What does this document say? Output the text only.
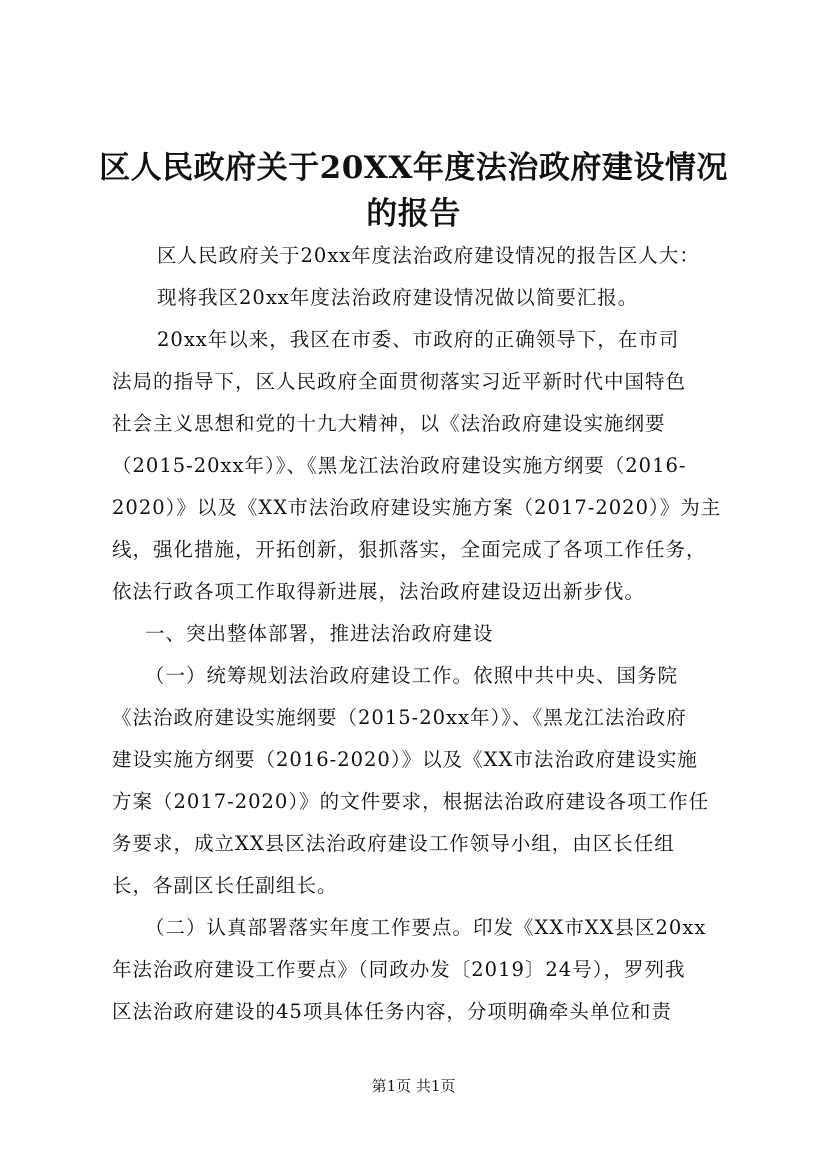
区人民政府关于20XX年度法治政府建设情况
的报告
区人民政府关于20xx年度法治政府建设情况的报告区人大：
现将我区20xx年度法治政府建设情况做以简要汇报。
20xx年以来，我区在市委、市政府的正确领导下，在市司
法局的指导下，区人民政府全面贯彻落实习近平新时代中国特色
社会主义思想和党的十九大精神，以《法治政府建设实施纲要
（2015-20xx年）》、《黑龙江法治政府建设实施方纲要（2016-
2020）》以及《XX市法治政府建设实施方案（2017-2020）》为主
线，强化措施，开拓创新，狠抓落实，全面完成了各项工作任务，
依法行政各项工作取得新进展，法治政府建设迈出新步伐。
一、突出整体部署，推进法治政府建设
（一）统筹规划法治政府建设工作。依照中共中央、国务院
《法治政府建设实施纲要（2015-20xx年）》、《黑龙江法治政府
建设实施方纲要（2016-2020）》以及《XX市法治政府建设实施
方案（2017-2020）》的文件要求，根据法治政府建设各项工作任
务要求，成立XX县区法治政府建设工作领导小组，由区长任组
长，各副区长任副组长。
（二）认真部署落实年度工作要点。印发《XX市XX县区20xx
年法治政府建设工作要点》（同政办发〔2019〕24号），罗列我
区法治政府建设的45项具体任务内容，分项明确牵头单位和责
第1页 共1页
